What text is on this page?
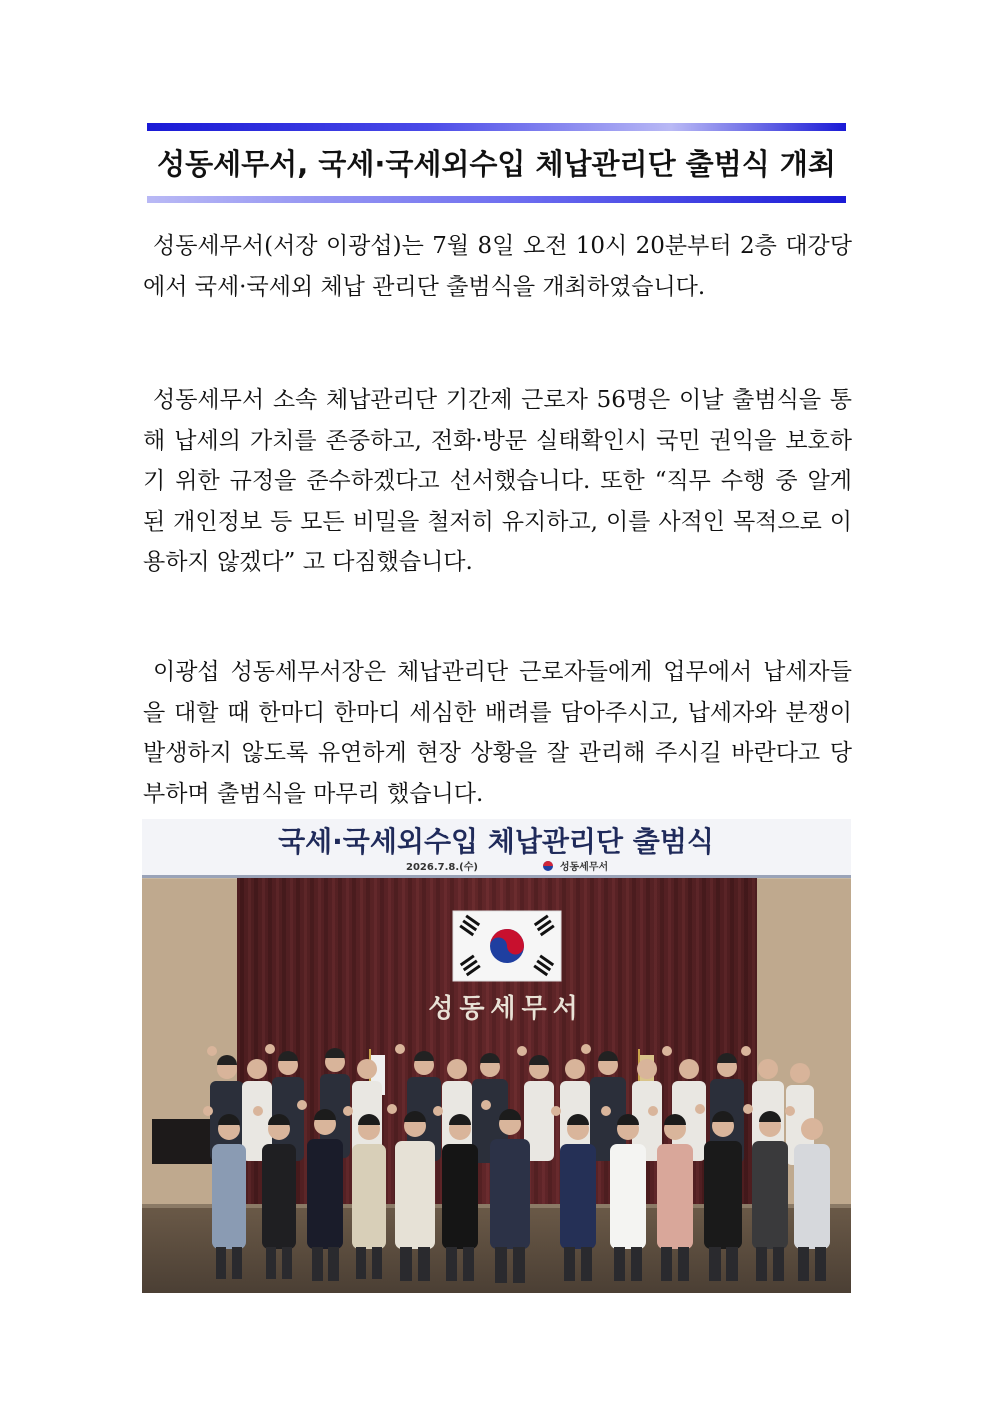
성동세무서, 국세·국세외수입 체납관리단 출범식 개최

성동세무서(서장 이광섭)는 7월 8일 오전 10시 20분부터 2층 대강당에서 국세·국세외 체납 관리단 출범식을 개최하였습니다.

성동세무서 소속 체납관리단 기간제 근로자 56명은 이날 출범식을 통해 납세의 가치를 존중하고, 전화·방문 실태확인시 국민 권익을 보호하기 위한 규정을 준수하겠다고 선서했습니다. 또한 “직무 수행 중 알게 된 개인정보 등 모든 비밀을 철저히 유지하고, 이를 사적인 목적으로 이용하지 않겠다” 고 다짐했습니다.

이광섭 성동세무서장은 체납관리단 근로자들에게 업무에서 납세자들을 대할 때 한마디 한마디 세심한 배려를 담아주시고, 납세자와 분쟁이 발생하지 않도록 유연하게 현장 상황을 잘 관리해 주시길 바란다고 당부하며 출범식을 마무리 했습니다.

국세·국세외수입 체납관리단 출범식
2026.7.8.(수)	성동세무서
성동세무서
